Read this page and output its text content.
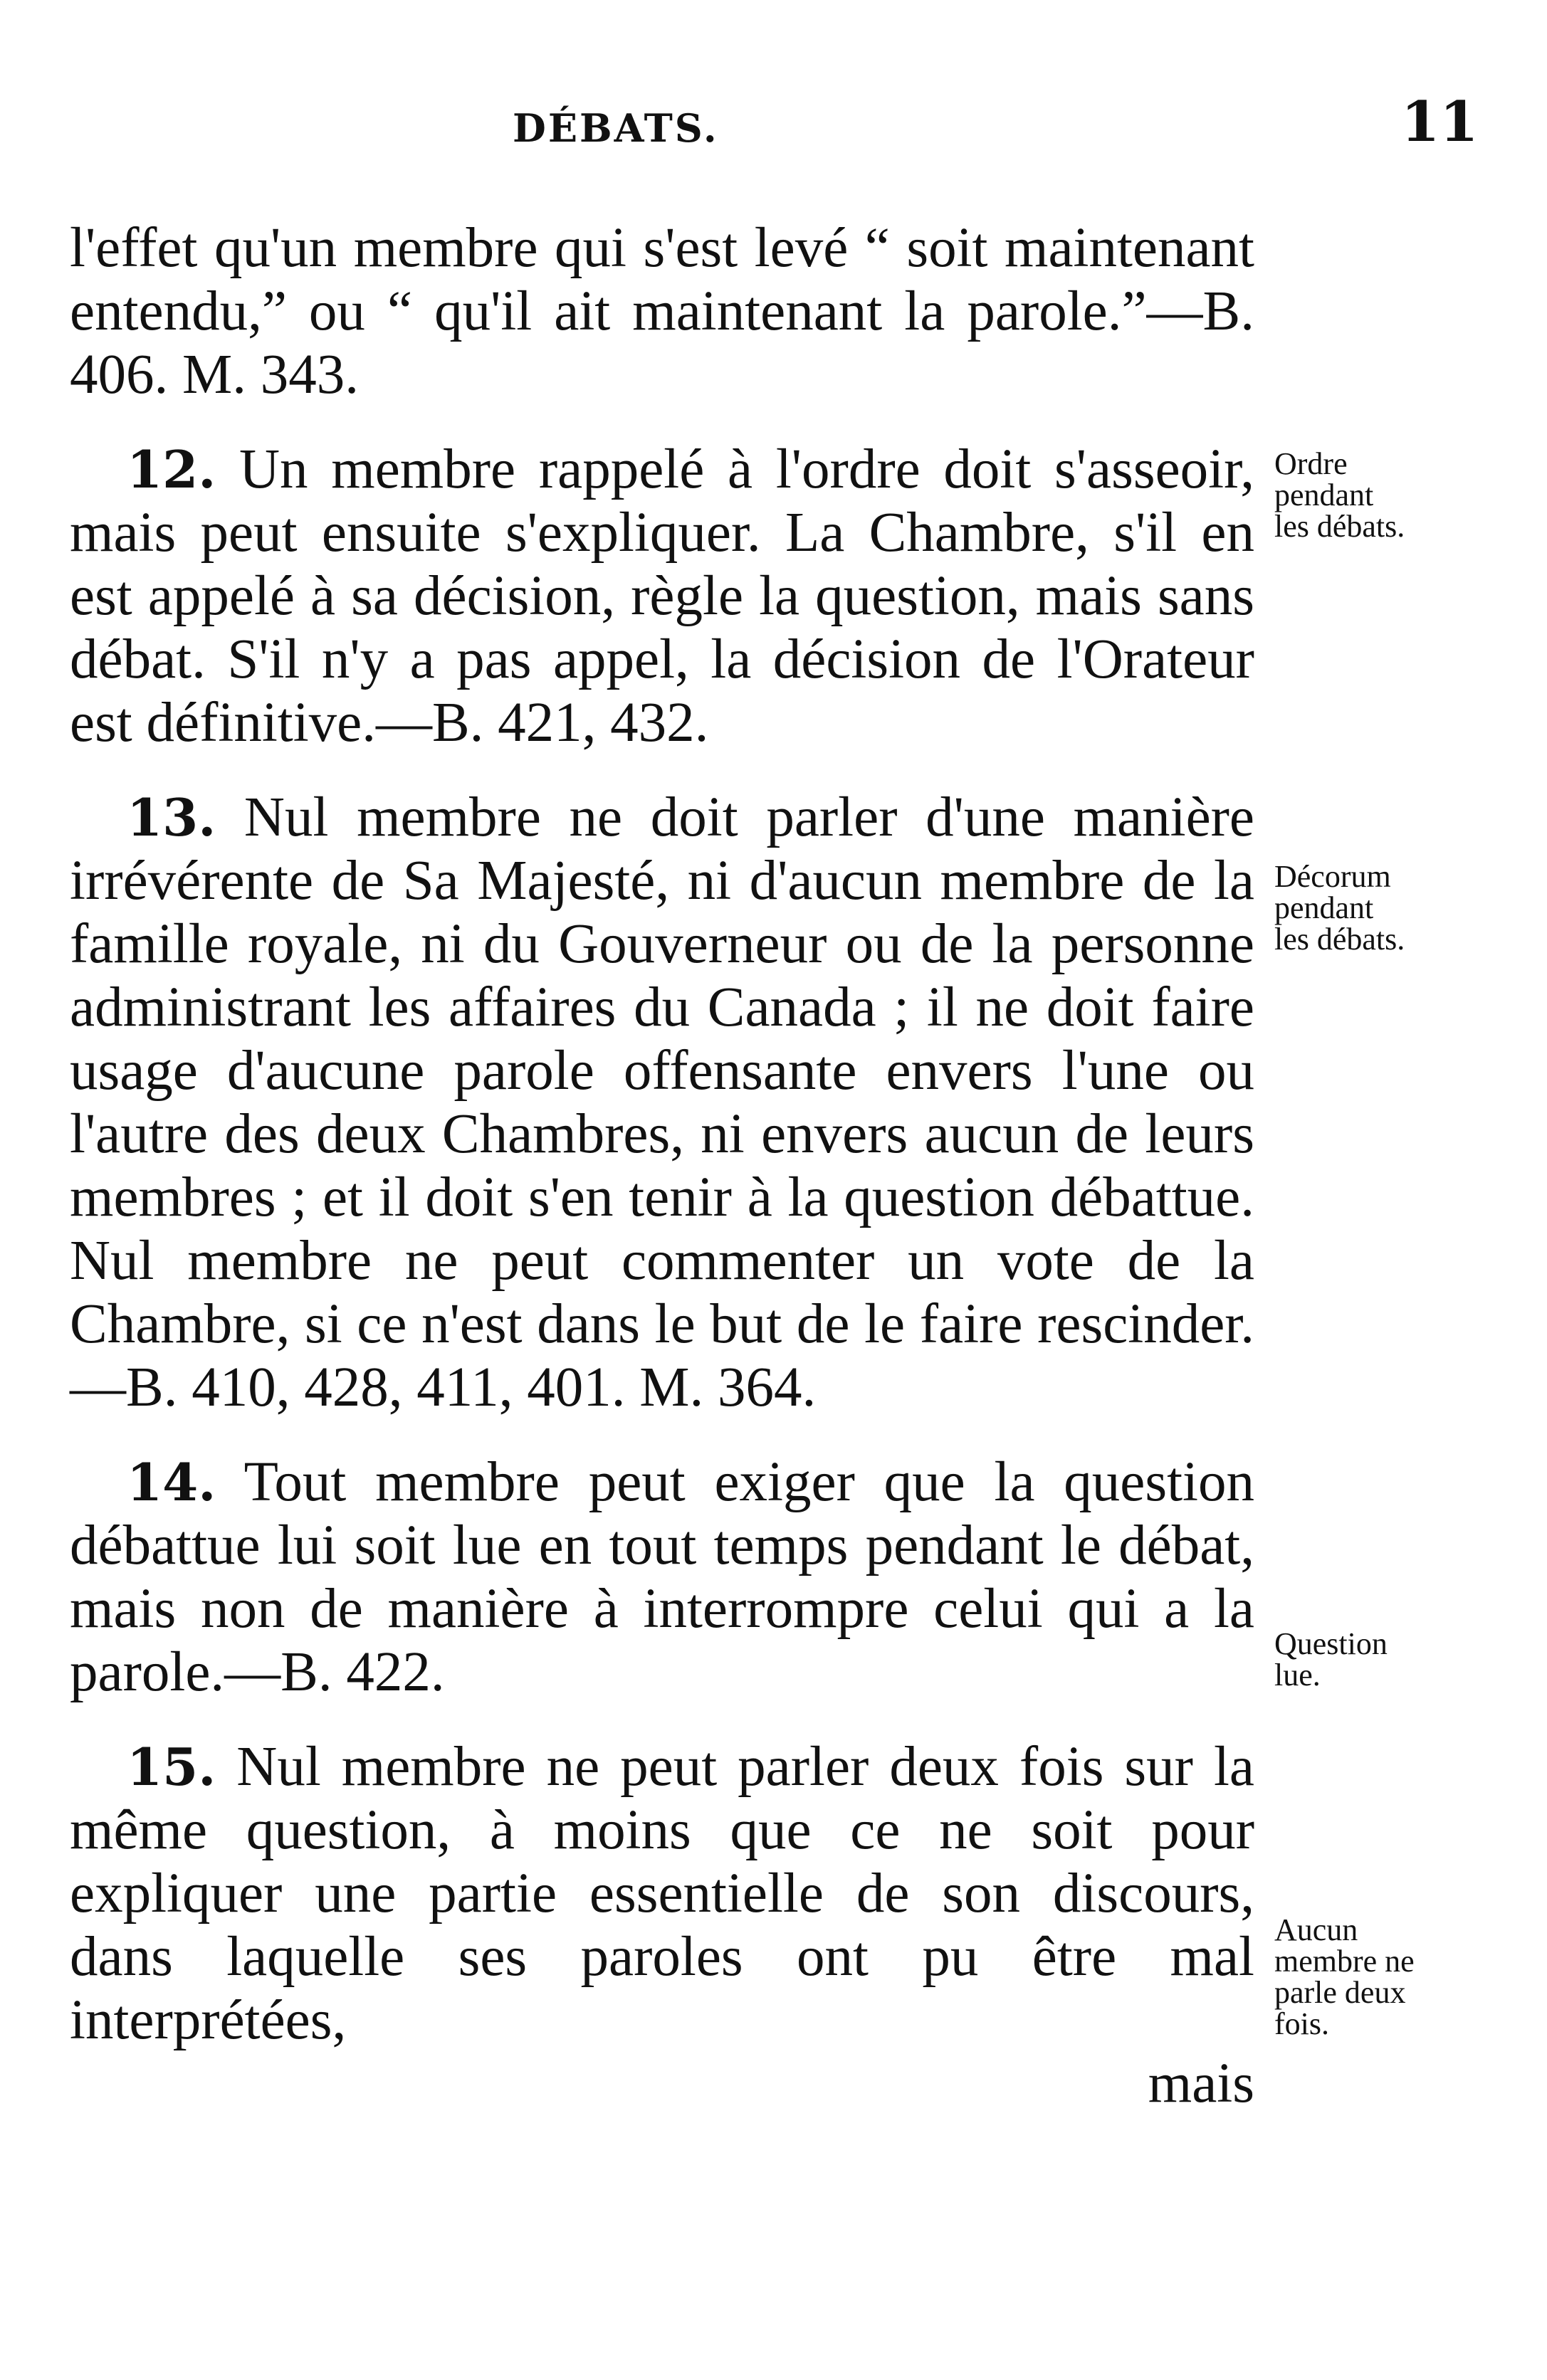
DÉBATS.	11

l'effet qu'un membre qui s'est levé “ soit maintenant entendu,” ou “ qu'il ait maintenant la parole.”—B. 406. M. 343.

12. Un membre rappelé à l'ordre doit s'asseoir, mais peut ensuite s'expliquer. La Chambre, s'il en est appelé à sa décision, règle la question, mais sans débat. S'il n'y a pas appel, la décision de l'Orateur est définitive.—B. 421, 432.

13. Nul membre ne doit parler d'une manière irrévérente de Sa Majesté, ni d'aucun membre de la famille royale, ni du Gouverneur ou de la personne administrant les affaires du Canada ; il ne doit faire usage d'aucune parole offensante envers l'une ou l'autre des deux Chambres, ni envers aucun de leurs membres ; et il doit s'en tenir à la question débattue. Nul membre ne peut commenter un vote de la Chambre, si ce n'est dans le but de le faire rescinder.—B. 410, 428, 411, 401. M. 364.

14. Tout membre peut exiger que la question débattue lui soit lue en tout temps pendant le débat, mais non de manière à interrompre celui qui a la parole.—B. 422.

15. Nul membre ne peut parler deux fois sur la même question, à moins que ce ne soit pour expliquer une partie essentielle de son discours, dans laquelle ses paroles ont pu être mal interprétées,

mais

Ordre
pendant
les débats.
Décorum
pendant
les débats.
Question
lue.
Aucun
membre ne
parle deux
fois.
